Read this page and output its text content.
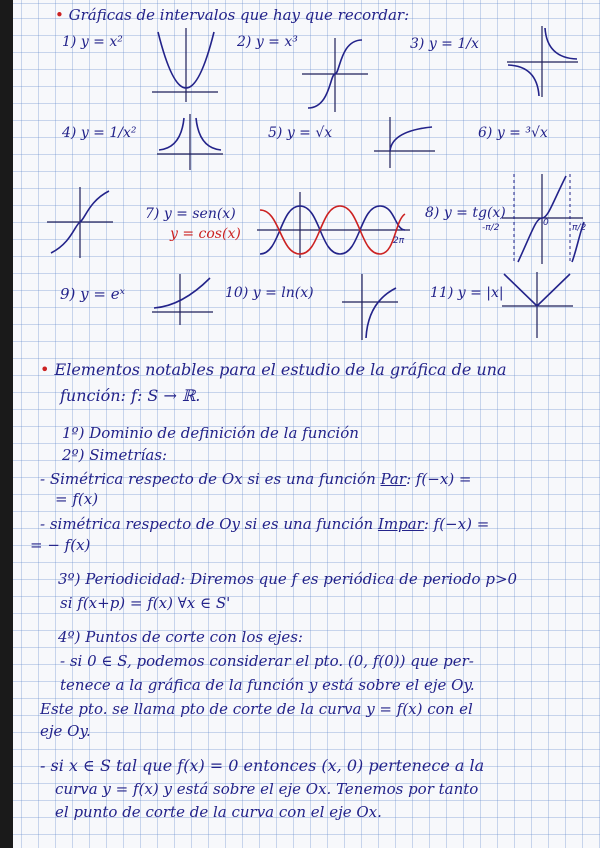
• Gráficas de intervalos que hay que recordar:
1) y = x²	2) y = x³	3) y = 1/x
4) y = 1/x²	5) y = √x	6) y = ³√x
7) y = sen(x)
y = cos(x)	2π
8) y = tg(x)
-π/2	0	π/2
9) y = eˣ	10) y = ln(x)	11) y = |x|
• Elementos notables para el estudio de la gráfica de una
función: f: S → ℝ.
1º) Dominio de definición de la función
2º) Simetrías:
- Simétrica respecto de Ox si es una función Par: f(−x) =
= f(x)
- simétrica respecto de Oy si es una función Impar: f(−x) =
= − f(x)
3º) Periodicidad: Diremos que f es periódica de periodo p>0
si f(x+p) = f(x) ∀x ∈ S'
4º) Puntos de corte con los ejes:
- si 0 ∈ S, podemos considerar el pto. (0, f(0)) que per-
tenece a la gráfica de la función y está sobre el eje Oy.
Este pto. se llama pto de corte de la curva y = f(x) con el
eje Oy.
- si x ∈ S tal que f(x) = 0 entonces (x, 0) pertenece a la
curva y = f(x) y está sobre el eje Ox. Tenemos por tanto
el punto de corte de la curva con el eje Ox.
